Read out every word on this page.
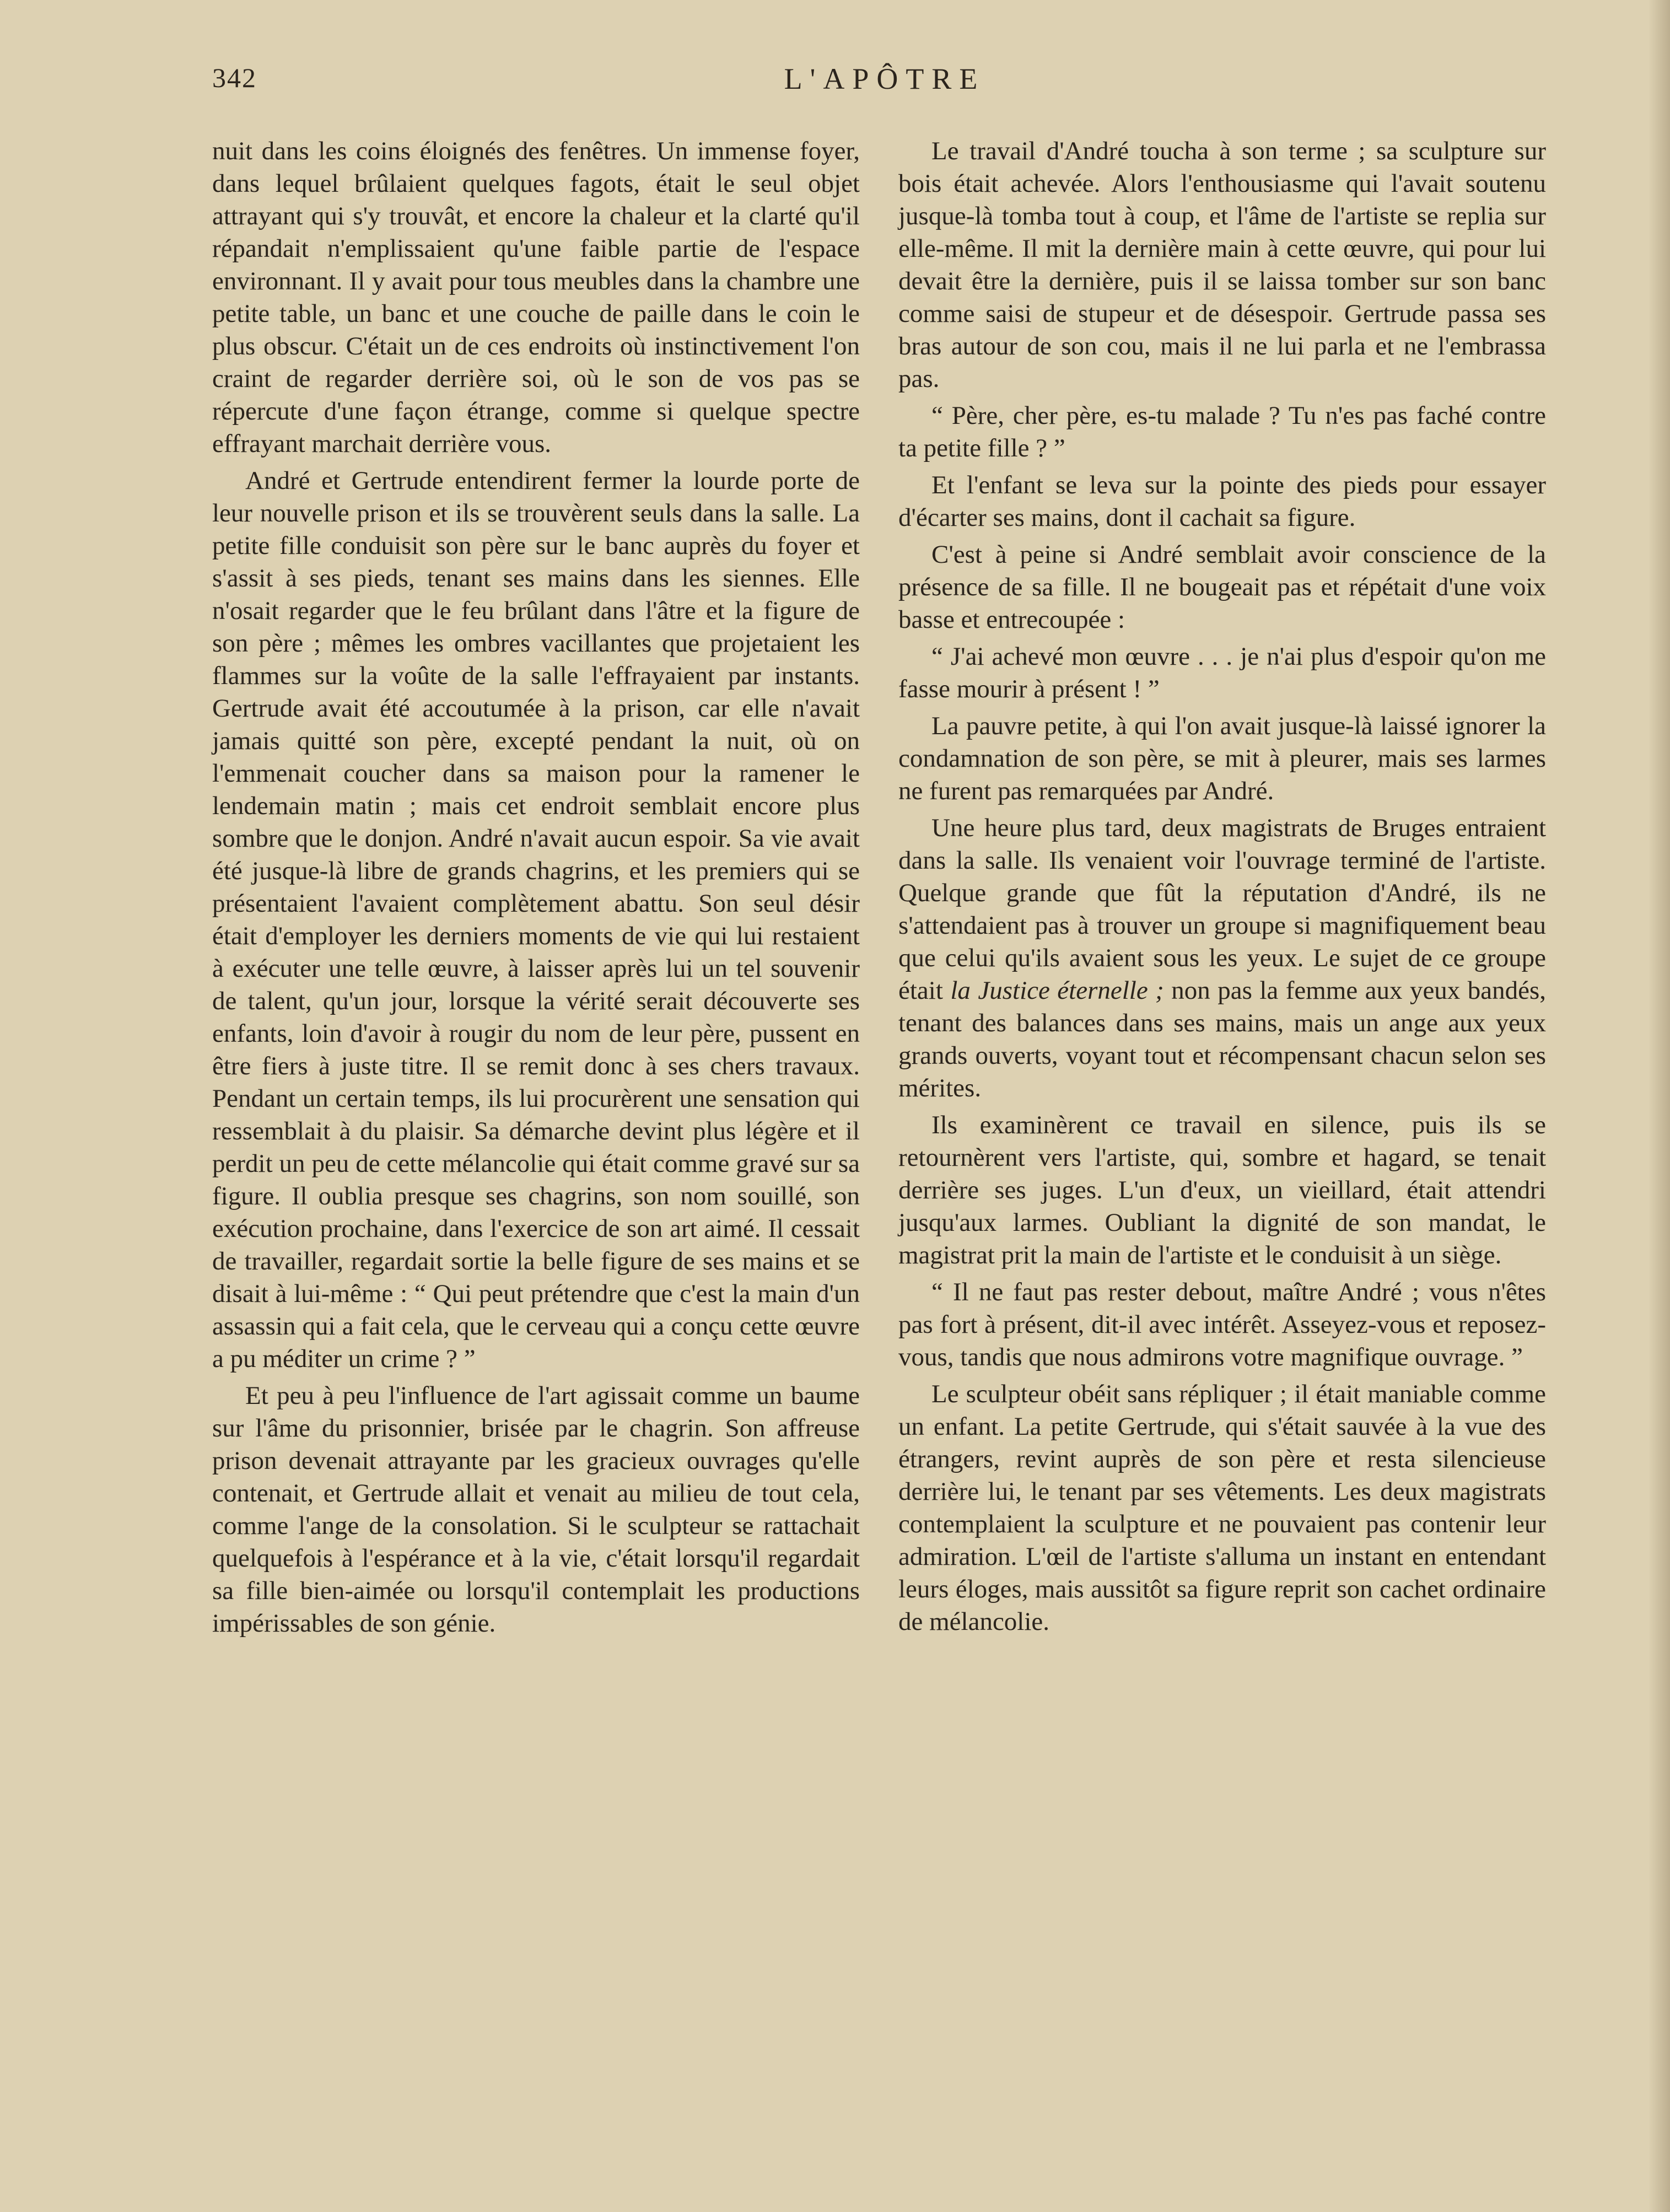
342	L'APÔTRE

nuit dans les coins éloignés des fenêtres. Un immense foyer, dans lequel brûlaient quelques fagots, était le seul objet attrayant qui s'y trouvât, et encore la chaleur et la clarté qu'il répandait n'emplissaient qu'une faible partie de l'espace environnant. Il y avait pour tous meubles dans la chambre une petite table, un banc et une couche de paille dans le coin le plus obscur. C'était un de ces endroits où instinctivement l'on craint de regarder derrière soi, où le son de vos pas se répercute d'une façon étrange, comme si quelque spectre effrayant marchait derrière vous.

André et Gertrude entendirent fermer la lourde porte de leur nouvelle prison et ils se trouvèrent seuls dans la salle. La petite fille conduisit son père sur le banc auprès du foyer et s'assit à ses pieds, tenant ses mains dans les siennes. Elle n'osait regarder que le feu brûlant dans l'âtre et la figure de son père ; mêmes les ombres vacillantes que projetaient les flammes sur la voûte de la salle l'effrayaient par instants. Gertrude avait été accoutumée à la prison, car elle n'avait jamais quitté son père, excepté pendant la nuit, où on l'emmenait coucher dans sa maison pour la ramener le lendemain matin ; mais cet endroit semblait encore plus sombre que le donjon. André n'avait aucun espoir. Sa vie avait été jusque-là libre de grands chagrins, et les premiers qui se présentaient l'avaient complètement abattu. Son seul désir était d'employer les derniers moments de vie qui lui restaient à exécuter une telle œuvre, à laisser après lui un tel souvenir de talent, qu'un jour, lorsque la vérité serait découverte ses enfants, loin d'avoir à rougir du nom de leur père, pussent en être fiers à juste titre. Il se remit donc à ses chers travaux. Pendant un certain temps, ils lui procurèrent une sensation qui ressemblait à du plaisir. Sa démarche devint plus légère et il perdit un peu de cette mélancolie qui était comme gravé sur sa figure. Il oublia presque ses chagrins, son nom souillé, son exécution prochaine, dans l'exercice de son art aimé. Il cessait de travailler, regardait sortie la belle figure de ses mains et se disait à lui-même : “ Qui peut prétendre que c'est la main d'un assassin qui a fait cela, que le cerveau qui a conçu cette œuvre a pu méditer un crime ? ”

Et peu à peu l'influence de l'art agissait comme un baume sur l'âme du prisonnier, brisée par le chagrin. Son affreuse prison devenait attrayante par les gracieux ouvrages qu'elle contenait, et Gertrude allait et venait au milieu de tout cela, comme l'ange de la consolation. Si le sculpteur se rattachait quelquefois à l'espérance et à la vie, c'était lorsqu'il regardait sa fille bien-aimée ou lorsqu'il contemplait les productions impérissables de son génie.

Le travail d'André toucha à son terme ; sa sculpture sur bois était achevée. Alors l'enthousiasme qui l'avait soutenu jusque-là tomba tout à coup, et l'âme de l'artiste se replia sur elle-même. Il mit la dernière main à cette œuvre, qui pour lui devait être la dernière, puis il se laissa tomber sur son banc comme saisi de stupeur et de désespoir. Gertrude passa ses bras autour de son cou, mais il ne lui parla et ne l'embrassa pas.

“ Père, cher père, es-tu malade ? Tu n'es pas faché contre ta petite fille ? ”

Et l'enfant se leva sur la pointe des pieds pour essayer d'écarter ses mains, dont il cachait sa figure.

C'est à peine si André semblait avoir conscience de la présence de sa fille. Il ne bougeait pas et répétait d'une voix basse et entrecoupée :

“ J'ai achevé mon œuvre . . . je n'ai plus d'espoir qu'on me fasse mourir à présent ! ”

La pauvre petite, à qui l'on avait jusque-là laissé ignorer la condamnation de son père, se mit à pleurer, mais ses larmes ne furent pas remarquées par André.

Une heure plus tard, deux magistrats de Bruges entraient dans la salle. Ils venaient voir l'ouvrage terminé de l'artiste. Quelque grande que fût la réputation d'André, ils ne s'attendaient pas à trouver un groupe si magnifiquement beau que celui qu'ils avaient sous les yeux. Le sujet de ce groupe était la Justice éternelle ; non pas la femme aux yeux bandés, tenant des balances dans ses mains, mais un ange aux yeux grands ouverts, voyant tout et récompensant chacun selon ses mérites.

Ils examinèrent ce travail en silence, puis ils se retournèrent vers l'artiste, qui, sombre et hagard, se tenait derrière ses juges. L'un d'eux, un vieillard, était attendri jusqu'aux larmes. Oubliant la dignité de son mandat, le magistrat prit la main de l'artiste et le conduisit à un siège.

“ Il ne faut pas rester debout, maître André ; vous n'êtes pas fort à présent, dit-il avec intérêt. Asseyez-vous et reposez-vous, tandis que nous admirons votre magnifique ouvrage. ”

Le sculpteur obéit sans répliquer ; il était maniable comme un enfant. La petite Gertrude, qui s'était sauvée à la vue des étrangers, revint auprès de son père et resta silencieuse derrière lui, le tenant par ses vêtements. Les deux magistrats contemplaient la sculpture et ne pouvaient pas contenir leur admiration. L'œil de l'artiste s'alluma un instant en entendant leurs éloges, mais aussitôt sa figure reprit son cachet ordinaire de mélancolie.
